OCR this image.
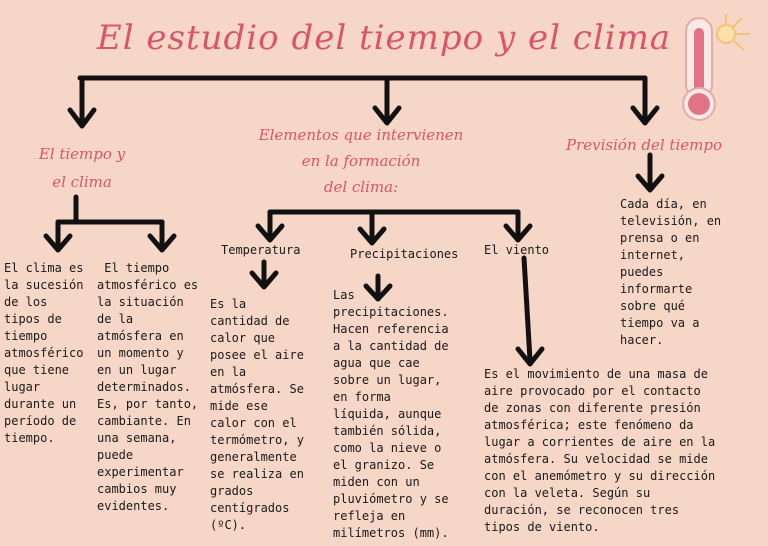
El estudio del tiempo y el clima
El tiempo y
el clima
Elementos que intervienen
en la formación
del clima:
Previsión del tiempo
Temperatura	Precipitaciones El viento
El clima es
la sucesión
de los
tipos de
tiempo
atmosférico
que tiene
lugar
durante un
período de
tiempo.
El tiempo
atmosférico es
la situación
de la
atmósfera en
un momento y
en un lugar
determinados.
Es, por tanto,
cambiante. En
una semana,
puede
experimentar
cambios muy
evidentes.
Es la
cantidad de
calor que
posee el aire
en la
atmósfera. Se
mide ese
calor con el
termómetro, y
generalmente
se realiza en
grados
centígrados
(ºC).
Las
precipitaciones.
Hacen referencia
a la cantidad de
agua que cae
sobre un lugar,
en forma
líquida, aunque
también sólida,
como la nieve o
el granizo. Se
miden con un
pluviómetro y se
refleja en
milímetros (mm).
Es el movimiento de una masa de
aire provocado por el contacto
de zonas con diferente presión
atmosférica; este fenómeno da
lugar a corrientes de aire en la
atmósfera. Su velocidad se mide
con el anemómetro y su dirección
con la veleta. Según su
duración, se reconocen tres
tipos de viento.
Cada día, en
televisión, en
prensa o en
internet,
puedes
informarte
sobre qué
tiempo va a
hacer.
